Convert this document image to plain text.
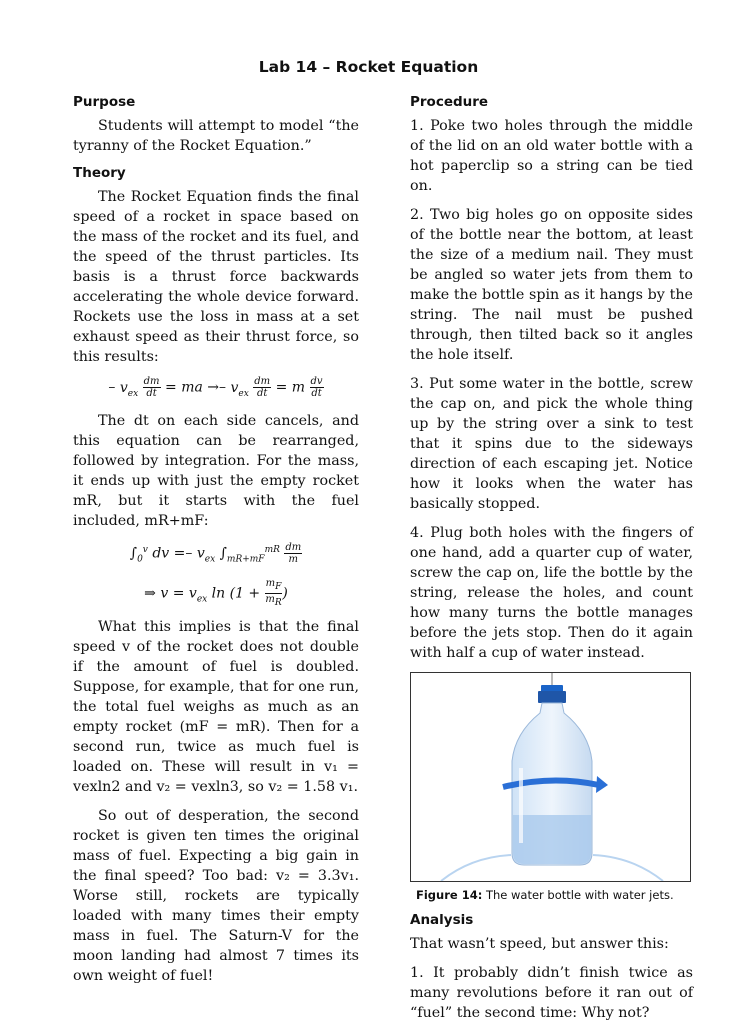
Lab 14 – Rocket Equation
Purpose

Students will attempt to model “the tyranny of the Rocket Equation.”

Theory

The Rocket Equation finds the final speed of a rocket in space based on the mass of the rocket and its fuel, and the speed of the thrust particles. Its basis is a thrust force backwards accelerating the whole device forward. Rockets use the loss in mass at a set exhaust speed as their thrust force, so this results:

– $v_{ex} \frac{dm}{dt}$ = ma →– $v_{ex} \frac{dm}{dt} = m \frac{dv}{dt}$

The dt on each side cancels, and this equation can be rearranged, followed by integration. For the mass, it ends up with just the empty rocket mR, but it starts with the fuel included, mR+mF:

$\int_0^v$ dv =– $v_{ex}$ $\int_{mR+mF}^{mR} \frac{dm}{m}$
⇒ $v = v_{ex}$ $\ln (1 + \frac{m_F}{m_R}$ )

What this implies is that the final speed v of the rocket does not double if the amount of fuel is doubled. Suppose, for example, that for one run, the total fuel weighs as much as an empty rocket (mF = mR). Then for a second run, twice as much fuel is loaded on. These will result in v₁ = vexln2 and v₂ = vexln3, so v₂ = 1.58 v₁.

So out of desperation, the second rocket is given ten times the original mass of fuel. Expecting a big gain in the final speed? Too bad: v₂ = 3.3v₁. Worse still, rockets are typically loaded with many times their empty mass in fuel. The Saturn-V for the moon landing had almost 7 times its own weight of fuel!

Procedure

1. Poke two holes through the middle of the lid on an old water bottle with a hot paperclip so a string can be tied on.

2. Two big holes go on opposite sides of the bottle near the bottom, at least the size of a medium nail. They must be angled so water jets from them to make the bottle spin as it hangs by the string. The nail must be pushed through, then tilted back so it angles the hole itself.

3. Put some water in the bottle, screw the cap on, and pick the whole thing up by the string over a sink to test that it spins due to the sideways direction of each escaping jet. Notice how it looks when the water has basically stopped.

4. Plug both holes with the fingers of one hand, add a quarter cup of water, screw the cap on, life the bottle by the string, release the holes, and count how many turns the bottle manages before the jets stop. Then do it again with half a cup of water instead.

Figure 14: The water bottle with water jets.
Analysis

That wasn’t speed, but answer this:

1. It probably didn’t finish twice as many revolutions before it ran out of “fuel” the second time: Why not?
